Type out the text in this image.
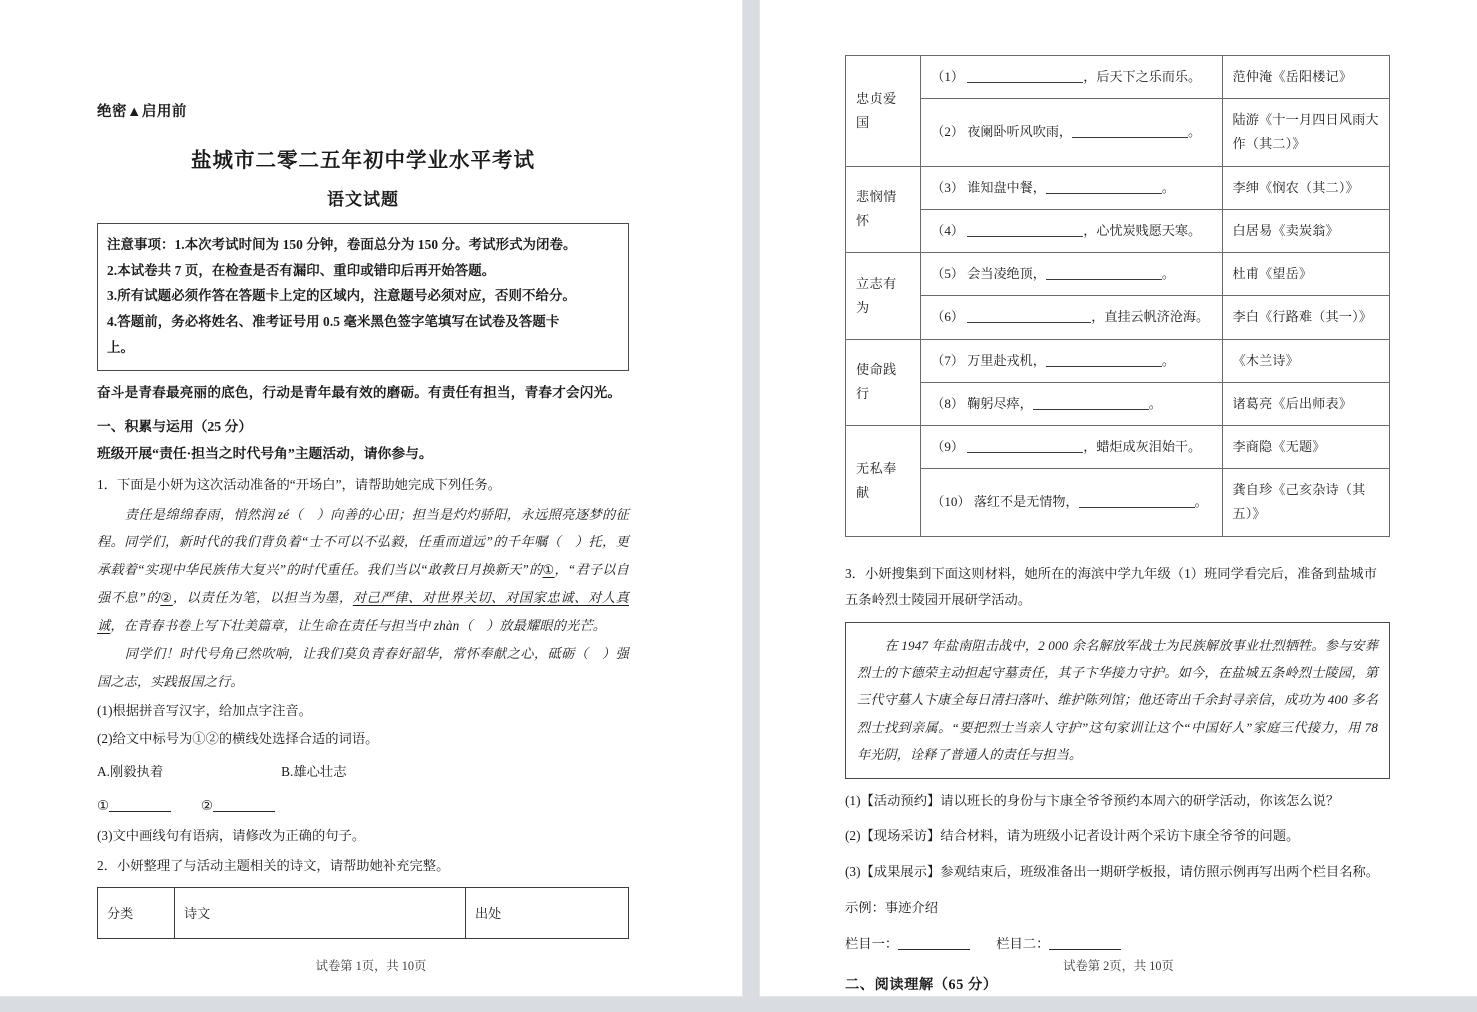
绝密▲启用前
盐城市二零二五年初中学业水平考试
语文试题
注意事项：1.本次考试时间为 150 分钟，卷面总分为 150 分。考试形式为闭卷。
2.本试卷共 7 页，在检查是否有漏印、重印或错印后再开始答题。
3.所有试题必须作答在答题卡上定的区域内，注意题号必须对应，否则不给分。
4.答题前，务必将姓名、准考证号用 0.5 毫米黑色签字笔填写在试卷及答题卡
上。
奋斗是青春最亮丽的底色，行动是青年最有效的磨砺。有责任有担当，青春才会闪光。
一、积累与运用（25 分）
班级开展“责任·担当之时代号角”主题活动，请你参与。
1．下面是小妍为这次活动准备的“开场白”，请帮助她完成下列任务。

责任是绵绵春雨，悄然润 zé（　）向善的心田；担当是灼灼骄阳，永远照亮逐梦的征程。同学们，新时代的我们背负着“士不可以不弘毅，任重而道远”的千年嘱（　）托，更承载着“实现中华民族伟大复兴”的时代重任。我们当以“敢教日月换新天”的①，“君子以自强不息”的②，以责任为笔，以担当为墨，对己严律、对世界关切、对国家忠诚、对人真诚，在青春书卷上写下壮美篇章，让生命在责任与担当中 zhàn（　）放最耀眼的光芒。

同学们！时代号角已然吹响，让我们莫负青春好韶华，常怀奉献之心，砥砺（　）强国之志，实践报国之行。

(1)根据拼音写汉字，给加点字注音。
(2)给文中标号为①②的横线处选择合适的词语。
A.刚毅执着	B.雄心壮志
①	②
(3)文中画线句有语病，请修改为正确的句子。
2．小妍整理了与活动主题相关的诗文，请帮助她补充完整。
分类	诗文	出处
试卷第 1页，共 10页
忠贞爱国	（1） ，后天下之乐而乐。	范仲淹《岳阳楼记》
	（2） 夜阑卧听风吹雨， 。	陆游《十一月四日风雨大作（其二）》
悲悯情怀	（3） 谁知盘中餐， 。	李绅《悯农（其二）》
	（4） ，心忧炭贱愿天寒。	白居易《卖炭翁》
立志有为	（5） 会当凌绝顶， 。	杜甫《望岳》
	（6） ，直挂云帆济沧海。	李白《行路难（其一）》
使命践行	（7） 万里赴戎机， 。	《木兰诗》
	（8） 鞠躬尽瘁， 。	诸葛亮《后出师表》
无私奉献	（9） ，蜡炬成灰泪始干。	李商隐《无题》
	（10） 落红不是无情物， 。	龚自珍《己亥杂诗（其五）》
3．小妍搜集到下面这则材料，她所在的海滨中学九年级（1）班同学看完后，准备到盐城市五条岭烈士陵园开展研学活动。

在 1947 年盐南阻击战中，2 000 余名解放军战士为民族解放事业壮烈牺牲。参与安葬烈士的卞德荣主动担起守墓责任，其子卞华接力守护。如今，在盐城五条岭烈士陵园，第三代守墓人卞康全每日清扫落叶、维护陈列馆；他还寄出千余封寻亲信，成功为 400 多名烈士找到亲属。“要把烈士当亲人守护”这句家训让这个“中国好人”家庭三代接力，用 78 年光阴，诠释了普通人的责任与担当。

(1)【活动预约】请以班长的身份与卞康全爷爷预约本周六的研学活动，你该怎么说？
(2)【现场采访】结合材料，请为班级小记者设计两个采访卞康全爷爷的问题。
(3)【成果展示】参观结束后，班级准备出一期研学板报，请仿照示例再写出两个栏目名称。
示例：事迹介绍
栏目一：	栏目二：
二、阅读理解（65 分）
试卷第 2页，共 10页
